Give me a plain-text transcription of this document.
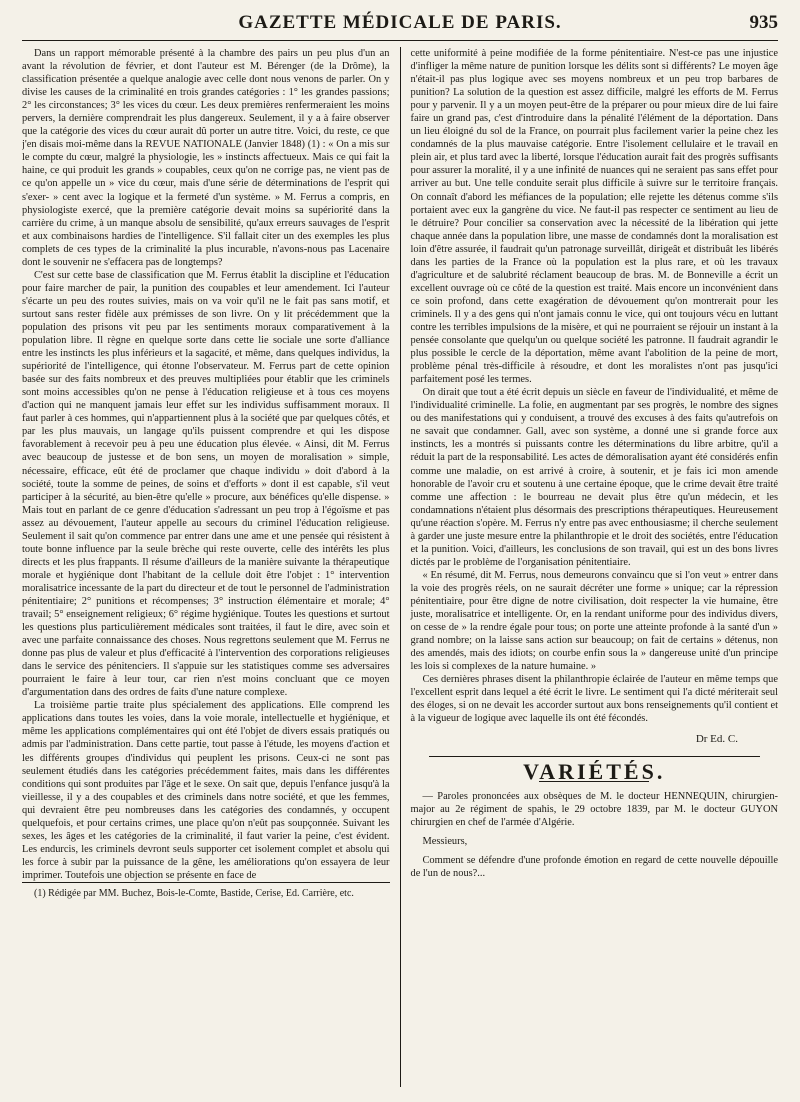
GAZETTE MÉDICALE DE PARIS.	935

Dans un rapport mémorable présenté à la chambre des pairs un peu plus d'un an avant la révolution de février, et dont l'auteur est M. Bérenger (de la Drôme), la classification présentée a quelque analogie avec celle dont nous venons de parler. On y divise les causes de la criminalité en trois grandes catégories : 1° les grandes passions; 2° les circonstances; 3° les vices du cœur. Les deux premières renfermeraient les moins pervers, la dernière comprendrait les plus dangereux. Seulement, il y a à faire observer que la catégorie des vices du cœur aurait dû porter un autre titre. Voici, du reste, ce que j'en disais moi-même dans la REVUE NATIONALE (Janvier 1848) (1) : « On a mis sur le compte du cœur, malgré la physiologie, les » instincts affectueux. Mais ce qui fait la haine, ce qui produit les grands » coupables, ceux qu'on ne corrige pas, ne vient pas de ce qu'on appelle un » vice du cœur, mais d'une série de déterminations de l'esprit qui s'exer- » cent avec la logique et la fermeté d'un système. » M. Ferrus a compris, en physiologiste exercé, que la première catégorie devait moins sa supériorité dans la carrière du crime, à un manque absolu de sensibilité, qu'aux erreurs sauvages de l'esprit et aux combinaisons hardies de l'intelligence. S'il fallait citer un des exemples les plus complets de ces types de la criminalité la plus incurable, n'avons-nous pas Lacenaire dont le souvenir ne s'effacera pas de longtemps?

C'est sur cette base de classification que M. Ferrus établit la discipline et l'éducation pour faire marcher de pair, la punition des coupables et leur amendement. Ici l'auteur s'écarte un peu des routes suivies, mais on va voir qu'il ne le fait pas sans motif, et surtout sans rester fidèle aux prémisses de son livre. On y lit précédemment que la population des prisons vit peu par les sentiments moraux comparativement à la population libre. Il règne en quelque sorte dans cette lie sociale une sorte d'alliance entre les instincts les plus inférieurs et la sagacité, et même, dans quelques individus, la supériorité de l'intelligence, qui étonne l'observateur. M. Ferrus part de cette opinion basée sur des faits nombreux et des preuves multipliées pour établir que les criminels sont moins accessibles qu'on ne pense à l'éducation religieuse et à tous ces moyens d'action qui ne manquent jamais leur effet sur les individus suffisamment moraux. Il faut parler à ces hommes, qui n'appartiennent plus à la société que par quelques côtés, et par les plus mauvais, un langage qu'ils puissent comprendre et qui les dispose favorablement à recevoir peu à peu une éducation plus élevée. « Ainsi, dit M. Ferrus avec beaucoup de justesse et de bon sens, un moyen de moralisation » simple, nécessaire, efficace, eût été de proclamer que chaque individu » doit d'abord à la société, toute la somme de peines, de soins et d'efforts » dont il est capable, s'il veut participer à la sécurité, au bien-être qu'elle » procure, aux bénéfices qu'elle dispense. » Mais tout en parlant de ce genre d'éducation s'adressant un peu trop à l'égoïsme et pas assez au dévouement, l'auteur appelle au secours du criminel l'éducation religieuse. Seulement il sait qu'on commence par entrer dans une ame et une pensée qui résistent à toute bonne influence par la seule brèche qui reste ouverte, celle des intérêts les plus directs et les plus frappants. Il résume d'ailleurs de la manière suivante la thérapeutique morale et hygiénique dont l'habitant de la cellule doit être l'objet : 1° intervention moralisatrice incessante de la part du directeur et de tout le personnel de l'administration pénitentiaire; 2° punitions et récompenses; 3° instruction élémentaire et morale; 4° travail; 5° enseignement religieux; 6° régime hygiénique. Toutes les questions et surtout les questions plus particulièrement médicales sont traitées, il faut le dire, avec soin et avec une parfaite connaissance des choses. Nous regrettons seulement que M. Ferrus ne donne pas plus de valeur et plus d'efficacité à l'intervention des corporations religieuses dans le service des pénitenciers. Il s'appuie sur les statistiques comme ses adversaires pourraient le faire à leur tour, car rien n'est moins concluant que ce moyen d'argumentation dans des ordres de faits d'une nature complexe.

La troisième partie traite plus spécialement des applications. Elle comprend les applications dans toutes les voies, dans la voie morale, intellectuelle et hygiénique, et même les applications complémentaires qui ont été l'objet de divers essais pratiqués ou admis par l'administration. Dans cette partie, tout passe à l'étude, les moyens d'action et les différents groupes d'individus qui peuplent les prisons. Ceux-ci ne sont pas seulement étudiés dans les catégories précédemment faites, mais dans les différentes conditions qui sont produites par l'âge et le sexe. On sait que, depuis l'enfance jusqu'à la vieillesse, il y a des coupables et des criminels dans notre société, et que les femmes, qui devraient être peu nombreuses dans les catégories des condamnés, y occupent quelquefois, et pour certains crimes, une place qu'on n'eût pas soupçonnée. Suivant les sexes, les âges et les catégories de la criminalité, il faut varier la peine, c'est évident. Les endurcis, les criminels devront seuls supporter cet isolement complet et absolu qui les force à subir par la puissance de la gêne, les améliorations qu'on essayera de leur imprimer. Toutefois une objection se présente en face de

(1) Rédigée par MM. Buchez, Bois-le-Comte, Bastide, Cerise, Ed. Carrière, etc.

cette uniformité à peine modifiée de la forme pénitentiaire. N'est-ce pas une injustice d'infliger la même nature de punition lorsque les délits sont si différents? Le moyen âge n'était-il pas plus logique avec ses moyens nombreux et un peu trop barbares de punition? La solution de la question est assez difficile, malgré les efforts de M. Ferrus pour y parvenir. Il y a un moyen peut-être de la préparer ou pour mieux dire de lui faire faire un grand pas, c'est d'introduire dans la pénalité l'élément de la déportation. Dans un lieu éloigné du sol de la France, on pourrait plus facilement varier la peine chez les condamnés de la plus mauvaise catégorie. Entre l'isolement cellulaire et le travail en plein air, et plus tard avec la liberté, lorsque l'éducation aurait fait des progrès suffisants pour assurer la moralité, il y a une infinité de nuances qui ne seraient pas sans effet pour arriver au but. Une telle conduite serait plus difficile à suivre sur le territoire français. On connaît d'abord les méfiances de la population; elle rejette les détenus comme s'ils portaient avec eux la gangrène du vice. Ne faut-il pas respecter ce sentiment au lieu de le détruire? Pour concilier sa conservation avec la nécessité de la libération qui jette chaque année dans la population libre, une masse de condamnés dont la moralisation est loin d'être assurée, il faudrait qu'un patronage surveillât, dirigeât et distribuât les libérés dans les parties de la France où la population est la plus rare, et où les travaux d'agriculture et de salubrité réclament beaucoup de bras. M. de Bonneville a écrit un excellent ouvrage où ce côté de la question est traité. Mais encore un inconvénient dans ce soin profond, dans cette exagération de dévouement qu'on montrerait pour les criminels. Il y a des gens qui n'ont jamais connu le vice, qui ont toujours vécu en luttant contre les terribles impulsions de la misère, et qui ne pourraient se réjouir un instant à la pensée consolante que quelqu'un ou quelque société les patronne. Il faudrait agrandir le plus possible le cercle de la déportation, même avant l'abolition de la peine de mort, problème pénal très-difficile à résoudre, et dont les moralistes n'ont pas jusqu'ici parfaitement posé les termes.

On dirait que tout a été écrit depuis un siècle en faveur de l'individualité, et même de l'individualité criminelle. La folie, en augmentant par ses progrès, le nombre des signes ou des manifestations qui y conduisent, a trouvé des excuses à des faits qu'autrefois on ne savait que condamner. Gall, avec son système, a donné une si grande force aux instincts, les a montrés si puissants contre les déterminations du libre arbitre, qu'il a réduit la part de la responsabilité. Les actes de démoralisation ayant été considérés enfin comme une maladie, on est arrivé à croire, à soutenir, et je fais ici mon amende honorable de l'avoir cru et soutenu à une certaine époque, que le crime devait être traité comme une affection : le bourreau ne devait plus être qu'un médecin, et les condamnations n'étaient plus désormais des prescriptions thérapeutiques. Heureusement qu'une réaction s'opère. M. Ferrus n'y entre pas avec enthousiasme; il cherche seulement à garder une juste mesure entre la philanthropie et le droit des sociétés, entre l'éducation et la punition. Voici, d'ailleurs, les conclusions de son travail, qui est un des bons livres dictés par le problème de l'organisation pénitentiaire.

« En résumé, dit M. Ferrus, nous demeurons convaincu que si l'on veut » entrer dans la voie des progrès réels, on ne saurait décréter une forme » unique; car la répression pénitentiaire, pour être digne de notre civilisation, doit respecter la vie humaine, être juste, moralisatrice et intelligente. Or, en la rendant uniforme pour des individus divers, on cesse de » la rendre égale pour tous; on porte une atteinte profonde à la santé d'un » grand nombre; on la laisse sans action sur beaucoup; on fait de certains » détenus, non des amendés, mais des idiots; on courbe enfin sous la » dangereuse unité d'un principe les lois si complexes de la nature humaine. »

Ces dernières phrases disent la philanthropie éclairée de l'auteur en même temps que l'excellent esprit dans lequel a été écrit le livre. Le sentiment qui l'a dicté mériterait seul des éloges, si on ne devait les accorder surtout aux bons renseignements qu'il contient et à la vigueur de logique avec laquelle ils ont été fécondés.

Dr Ed. C.
VARIÉTÉS.

— Paroles prononcées aux obsèques de M. le docteur HENNEQUIN, chirurgien-major au 2e régiment de spahis, le 29 octobre 1839, par M. le docteur GUYON chirurgien en chef de l'armée d'Algérie.

Messieurs,

Comment se défendre d'une profonde émotion en regard de cette nouvelle dépouille de l'un de nous?...
